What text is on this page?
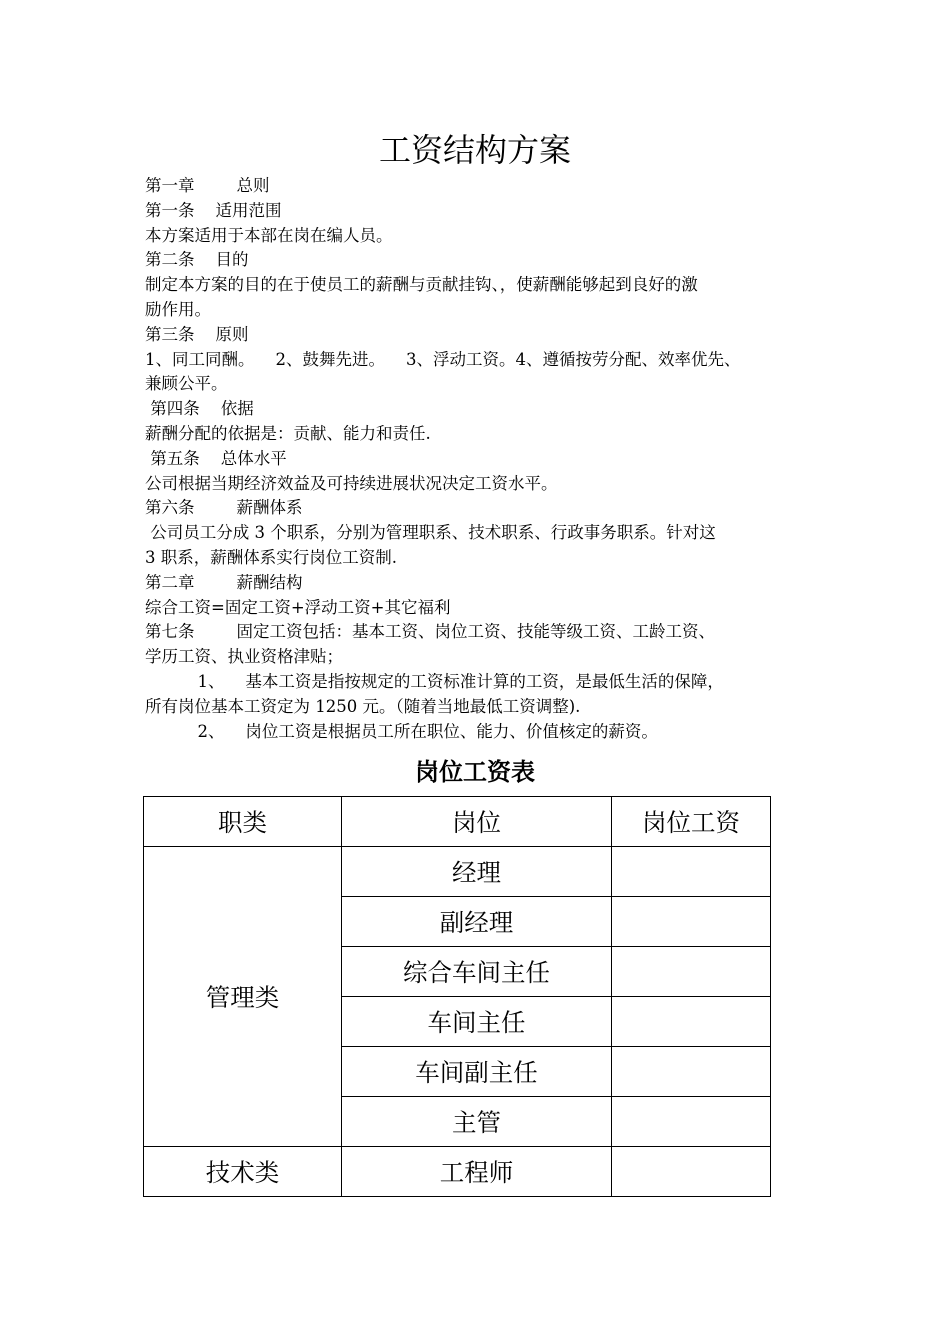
工资结构方案
第一章        总则
第一条    适用范围
本方案适用于本部在岗在编人员。
第二条    目的
制定本方案的目的在于使员工的薪酬与贡献挂钩、，使薪酬能够起到良好的激
励作用。
第三条    原则
1、同工同酬。    2、鼓舞先进。    3、浮动工资。4、遵循按劳分配、效率优先、
兼顾公平。
第四条    依据
薪酬分配的依据是：贡献、能力和责任.
第五条    总体水平
公司根据当期经济效益及可持续进展状况决定工资水平。
第六条        薪酬体系
公司员工分成 3 个职系，分别为管理职系、技术职系、行政事务职系。针对这
3 职系，薪酬体系实行岗位工资制.
第二章        薪酬结构
综合工资=固定工资+浮动工资+其它福利
第七条        固定工资包括：基本工资、岗位工资、技能等级工资、工龄工资、
学历工资、执业资格津贴；
1、    基本工资是指按规定的工资标准计算的工资，是最低生活的保障，
所有岗位基本工资定为 1250 元。（随着当地最低工资调整).
2、    岗位工资是根据员工所在职位、能力、价值核定的薪资。
岗位工资表
职类	岗位	岗位工资
管理类	经理	
	副经理	
	综合车间主任	
	车间主任	
	车间副主任	
	主管	
技术类	工程师	
